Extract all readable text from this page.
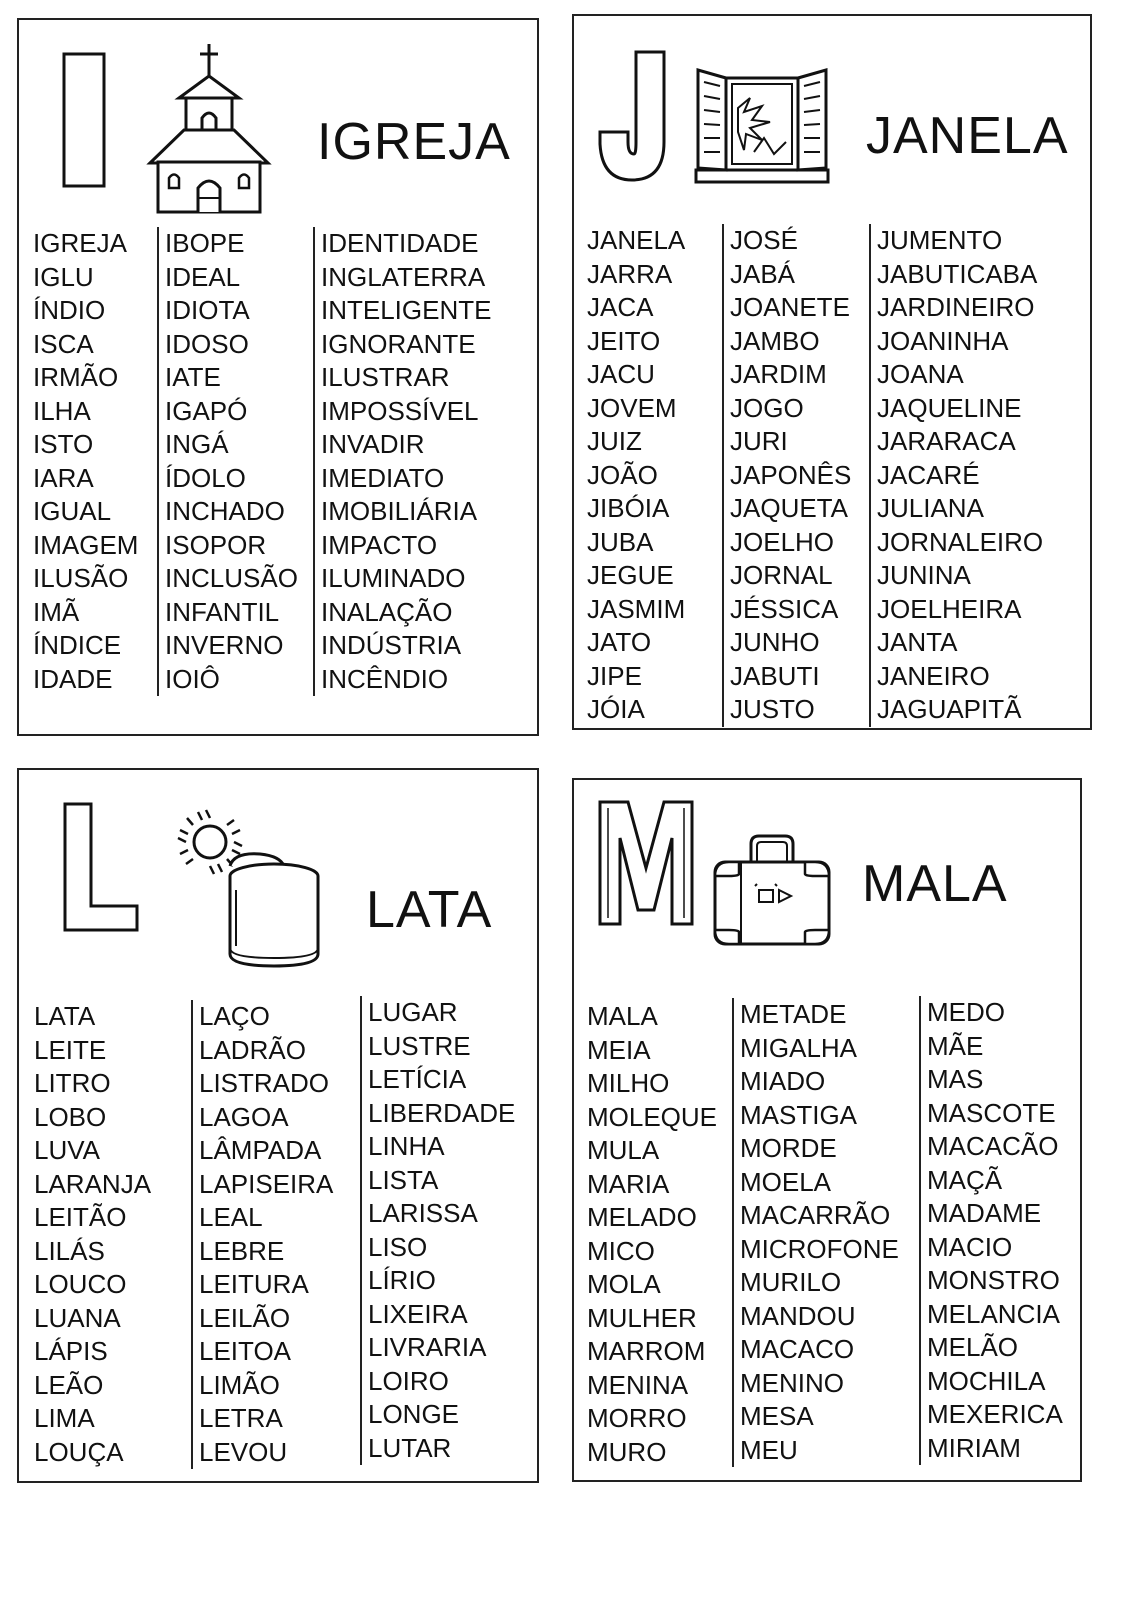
I
IGREJA
IGREJA
IGLU
ÍNDIO
ISCA
IRMÃO
ILHA
ISTO
IARA
IGUAL
IMAGEM
ILUSÃO
IMÃ
ÍNDICE
IDADE
IBOPE
IDEAL
IDIOTA
IDOSO
IATE
IGAPÓ
INGÁ
ÍDOLO
INCHADO
ISOPOR
INCLUSÃO
INFANTIL
INVERNO
IOIÔ
IDENTIDADE
INGLATERRA
INTELIGENTE
IGNORANTE
ILUSTRAR
IMPOSSÍVEL
INVADIR
IMEDIATO
IMOBILIÁRIA
IMPACTO
ILUMINADO
INALAÇÃO
INDÚSTRIA
INCÊNDIO
JANELA
JANELA
JARRA
JACA
JEITO
JACU
JOVEM
JUIZ
JOÃO
JIBÓIA
JUBA
JEGUE
JASMIM
JATO
JIPE
JÓIA
JOSÉ
JABÁ
JOANETE
JAMBO
JARDIM
JOGO
JURI
JAPONÊS
JAQUETA
JOELHO
JORNAL
JÉSSICA
JUNHO
JABUTI
JUSTO
JUMENTO
JABUTICABA
JARDINEIRO
JOANINHA
JOANA
JAQUELINE
JARARACA
JACARÉ
JULIANA
JORNALEIRO
JUNINA
JOELHEIRA
JANTA
JANEIRO
JAGUAPITÃ
LATA
LATA
LEITE
LITRO
LOBO
LUVA
LARANJA
LEITÃO
LILÁS
LOUCO
LUANA
LÁPIS
LEÃO
LIMA
LOUÇA
LAÇO
LADRÃO
LISTRADO
LAGOA
LÂMPADA
LAPISEIRA
LEAL
LEBRE
LEITURA
LEILÃO
LEITOA
LIMÃO
LETRA
LEVOU
LUGAR
LUSTRE
LETÍCIA
LIBERDADE
LINHA
LISTA
LARISSA
LISO
LÍRIO
LIXEIRA
LIVRARIA
LOIRO
LONGE
LUTAR
MALA
MALA
MEIA
MILHO
MOLEQUE
MULA
MARIA
MELADO
MICO
MOLA
MULHER
MARROM
MENINA
MORRO
MURO
METADE
MIGALHA
MIADO
MASTIGA
MORDE
MOELA
MACARRÃO
MICROFONE
MURILO
MANDOU
MACACO
MENINO
MESA
MEU
MEDO
MÃE
MAS
MASCOTE
MACACÃO
MAÇÃ
MADAME
MACIO
MONSTRO
MELANCIA
MELÃO
MOCHILA
MEXERICA
MIRIAM
